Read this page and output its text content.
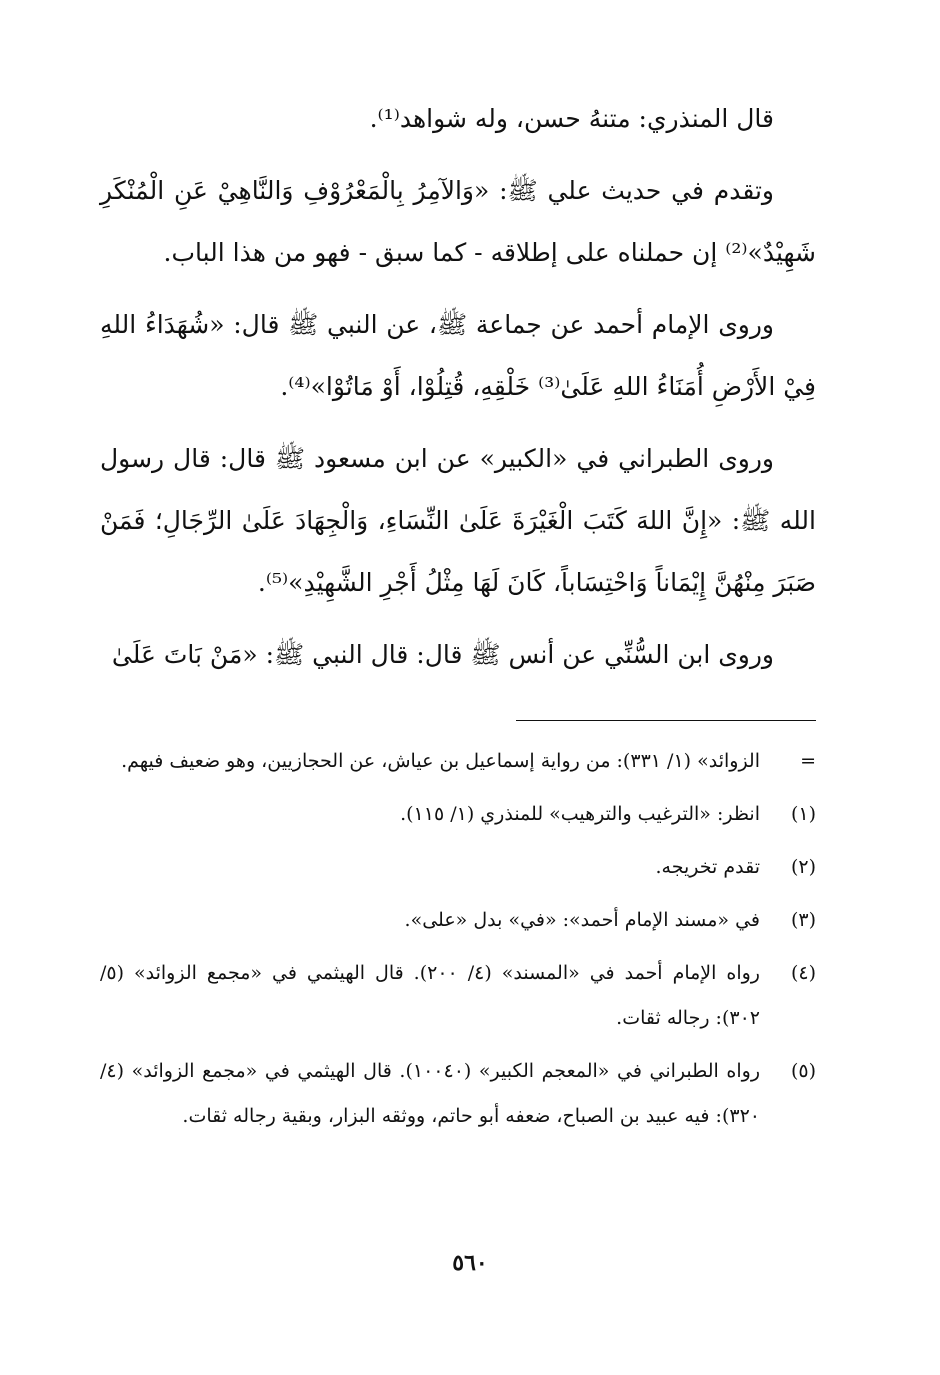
قال المنذري: متنهُ حسن، وله شواهد⁽¹⁾.

وتقدم في حديث علي ﷺ: «وَالآمِرُ بِالْمَعْرُوْفِ وَالنَّاهِيْ عَنِ الْمُنْكَرِ شَهِيْدٌ»⁽²⁾ إن حملناه على إطلاقه - كما سبق - فهو من هذا الباب.

وروى الإمام أحمد عن جماعة ﷺ، عن النبي ﷺ قال: «شُهَدَاءُ اللهِ فِيْ الأَرْضِ أُمَنَاءُ اللهِ عَلَىٰ⁽³⁾ خَلْقِهِ، قُتِلُوْا، أَوْ مَاتُوْا»⁽⁴⁾.

وروى الطبراني في «الكبير» عن ابن مسعود ﷺ قال: قال رسول الله ﷺ: «إِنَّ اللهَ كَتَبَ الْغَيْرَةَ عَلَىٰ النِّسَاءِ، وَالْجِهَادَ عَلَىٰ الرِّجَالِ؛ فَمَنْ صَبَرَ مِنْهُنَّ إِيْمَاناً وَاحْتِسَاباً، كَانَ لَهَا مِثْلُ أَجْرِ الشَّهِيْدِ»⁽⁵⁾.

وروى ابن السُّنِّي عن أنس ﷺ قال: قال النبي ﷺ: «مَنْ بَاتَ عَلَىٰ

=
الزوائد» (١/ ٣٣١): من رواية إسماعيل بن عياش، عن الحجازيين، وهو ضعيف فيهم.
(١)
انظر: «الترغيب والترهيب» للمنذري (١/ ١١٥).
(٢)
تقدم تخريجه.
(٣)
في «مسند الإمام أحمد»: «في» بدل «على».
(٤)
رواه الإمام أحمد في «المسند» (٤/ ٢٠٠). قال الهيثمي في «مجمع الزوائد» (٥/ ٣٠٢): رجاله ثقات.
(٥)
رواه الطبراني في «المعجم الكبير» (١٠٠٤٠). قال الهيثمي في «مجمع الزوائد» (٤/ ٣٢٠): فيه عبيد بن الصباح، ضعفه أبو حاتم، ووثقه البزار، وبقية رجاله ثقات.
٥٦٠
